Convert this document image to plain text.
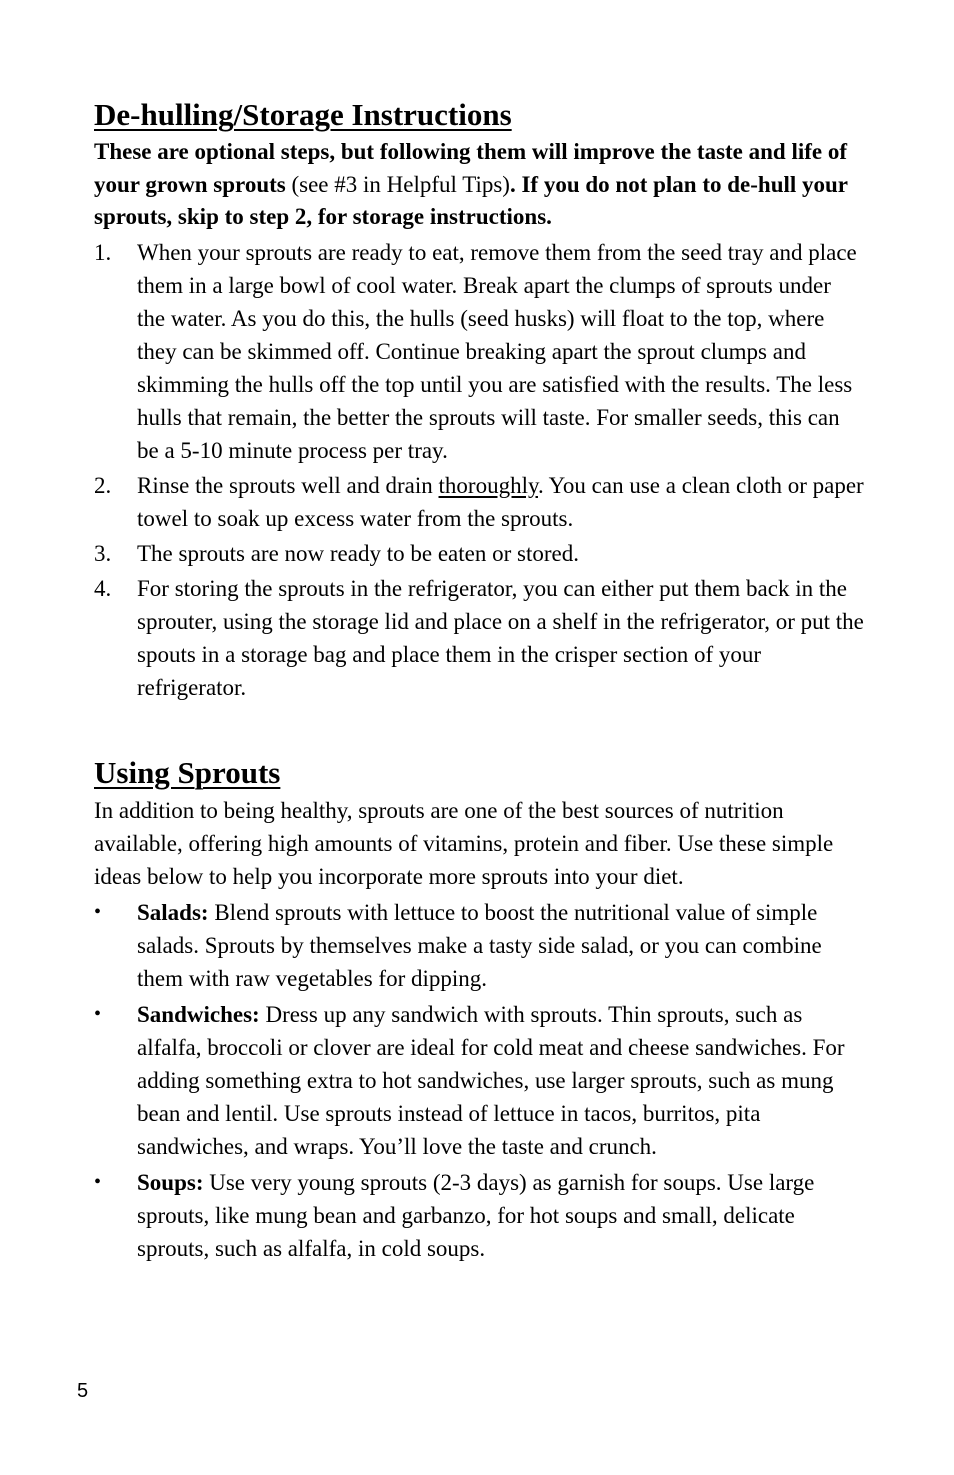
De-hulling/Storage Instructions

These are optional steps, but following them will improve the taste and life of your grown sprouts (see #3 in Helpful Tips). If you do not plan to de-hull your sprouts, skip to step 2, for storage instructions.

1. When your sprouts are ready to eat, remove them from the seed tray and place them in a large bowl of cool water. Break apart the clumps of sprouts under the water. As you do this, the hulls (seed husks) will float to the top, where they can be skimmed off. Continue breaking apart the sprout clumps and skimming the hulls off the top until you are satisfied with the results. The less hulls that remain, the better the sprouts will taste. For smaller seeds, this can be a 5-10 minute process per tray.
2. Rinse the sprouts well and drain thoroughly. You can use a clean cloth or paper towel to soak up excess water from the sprouts.
3. The sprouts are now ready to be eaten or stored.
4. For storing the sprouts in the refrigerator, you can either put them back in the sprouter, using the storage lid and place on a shelf in the refrigerator, or put the spouts in a storage bag and place them in the crisper section of your refrigerator.
Using Sprouts

In addition to being healthy, sprouts are one of the best sources of nutrition available, offering high amounts of vitamins, protein and fiber. Use these simple ideas below to help you incorporate more sprouts into your diet.

• Salads: Blend sprouts with lettuce to boost the nutritional value of simple salads. Sprouts by themselves make a tasty side salad, or you can combine them with raw vegetables for dipping.
• Sandwiches: Dress up any sandwich with sprouts. Thin sprouts, such as alfalfa, broccoli or clover are ideal for cold meat and cheese sandwiches. For adding something extra to hot sandwiches, use larger sprouts, such as mung bean and lentil. Use sprouts instead of lettuce in tacos, burritos, pita sandwiches, and wraps. You’ll love the taste and crunch.
• Soups: Use very young sprouts (2-3 days) as garnish for soups. Use large sprouts, like mung bean and garbanzo, for hot soups and small, delicate sprouts, such as alfalfa, in cold soups.
5
